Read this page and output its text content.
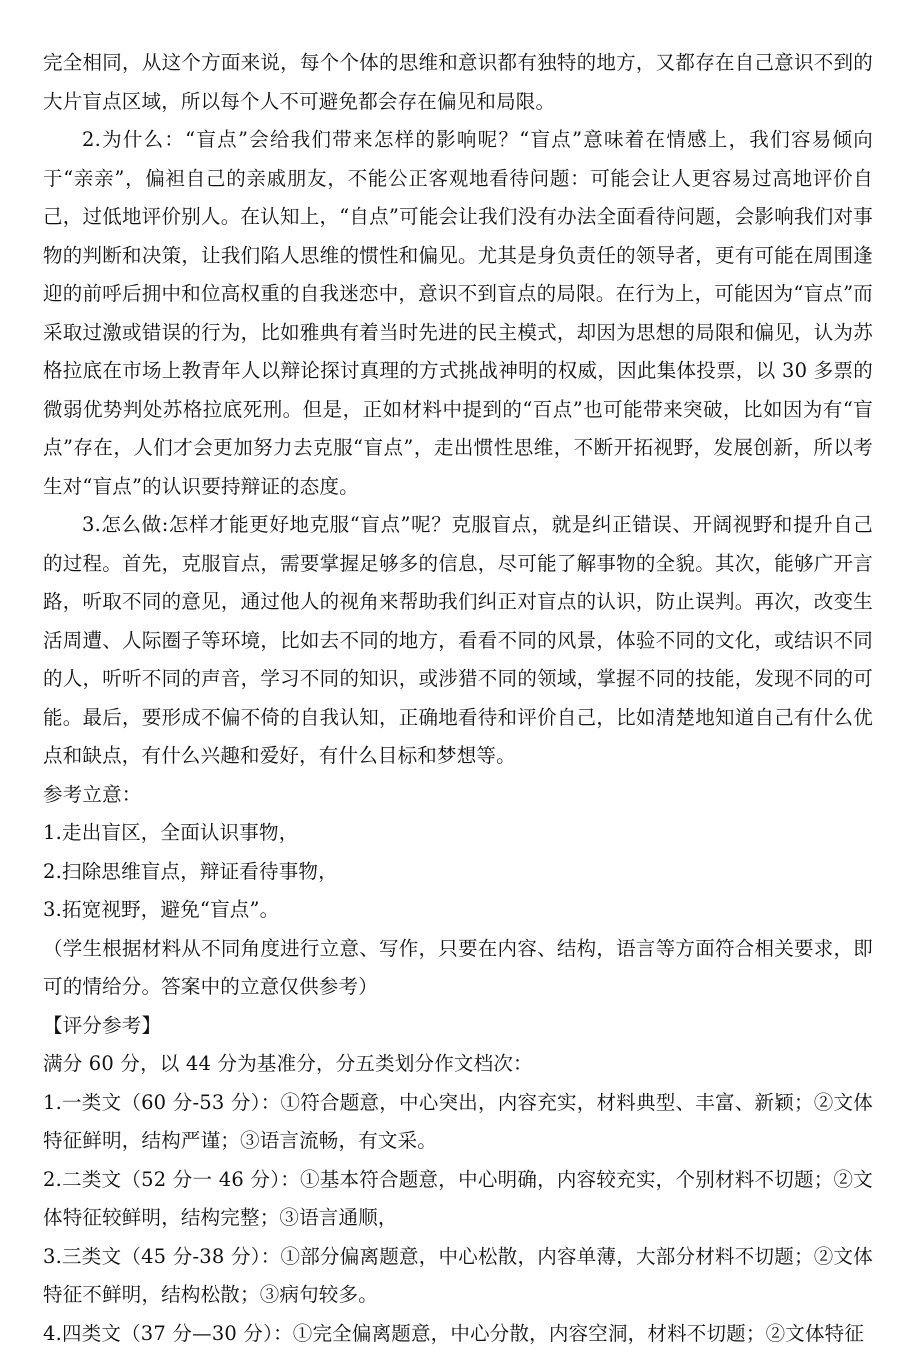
完全相同，从这个方面来说，每个个体的思维和意识都有独特的地方，又都存在自己意识不到的大片盲点区域，所以每个人不可避免都会存在偏见和局限。

2.为什么：“盲点”会给我们带来怎样的影响呢？“盲点”意味着在情感上，我们容易倾向于“亲亲”，偏袒自己的亲戚朋友，不能公正客观地看待问题：可能会让人更容易过高地评价自己，过低地评价别人。在认知上，“自点”可能会让我们没有办法全面看待问题，会影响我们对事物的判断和决策，让我们陷人思维的惯性和偏见。尤其是身负责任的领导者，更有可能在周围逢迎的前呼后拥中和位高权重的自我迷恋中，意识不到盲点的局限。在行为上，可能因为“盲点”而采取过激或错误的行为，比如雅典有着当时先进的民主模式，却因为思想的局限和偏见，认为苏格拉底在市场上教青年人以辩论探讨真理的方式挑战神明的权威，因此集体投票，以 30 多票的微弱优势判处苏格拉底死刑。但是，正如材料中提到的“百点”也可能带来突破，比如因为有“盲点”存在，人们才会更加努力去克服“盲点”，走出惯性思维，不断开拓视野，发展创新，所以考生对“盲点”的认识要持辩证的态度。

3.怎么做:怎样才能更好地克服“盲点”呢？克服盲点，就是纠正错误、开阔视野和提升自己的过程。首先，克服盲点，需要掌握足够多的信息，尽可能了解事物的全貌。其次，能够广开言路，听取不同的意见，通过他人的视角来帮助我们纠正对盲点的认识，防止误判。再次，改变生活周遭、人际圈子等环境，比如去不同的地方，看看不同的风景，体验不同的文化，或结识不同的人，听听不同的声音，学习不同的知识，或涉猎不同的领域，掌握不同的技能，发现不同的可能。最后，要形成不偏不倚的自我认知，正确地看待和评价自己，比如清楚地知道自己有什么优点和缺点，有什么兴趣和爱好，有什么目标和梦想等。

参考立意：

1.走出盲区，全面认识事物，

2.扫除思维盲点，辩证看待事物，

3.拓宽视野，避免“盲点”。

（学生根据材料从不同角度进行立意、写作，只要在内容、结构，语言等方面符合相关要求，即可的情给分。答案中的立意仅供参考）

【评分参考】

满分 60 分，以 44 分为基准分，分五类划分作文档次：

1.一类文（60 分-53 分）：①符合题意，中心突出，内容充实，材料典型、丰富、新颖；②文体特征鲜明，结构严谨；③语言流畅，有文采。

2.二类文（52 分一 46 分）：①基本符合题意，中心明确，内容较充实，个别材料不切题；②文体特征较鲜明，结构完整；③语言通顺，

3.三类文（45 分-38 分）：①部分偏离题意，中心松散，内容单薄，大部分材料不切题；②文体特征不鲜明，结构松散；③病句较多。

4.四类文（37 分—30 分）：①完全偏离题意，中心分散，内容空洞，材料不切题；②文体特征
